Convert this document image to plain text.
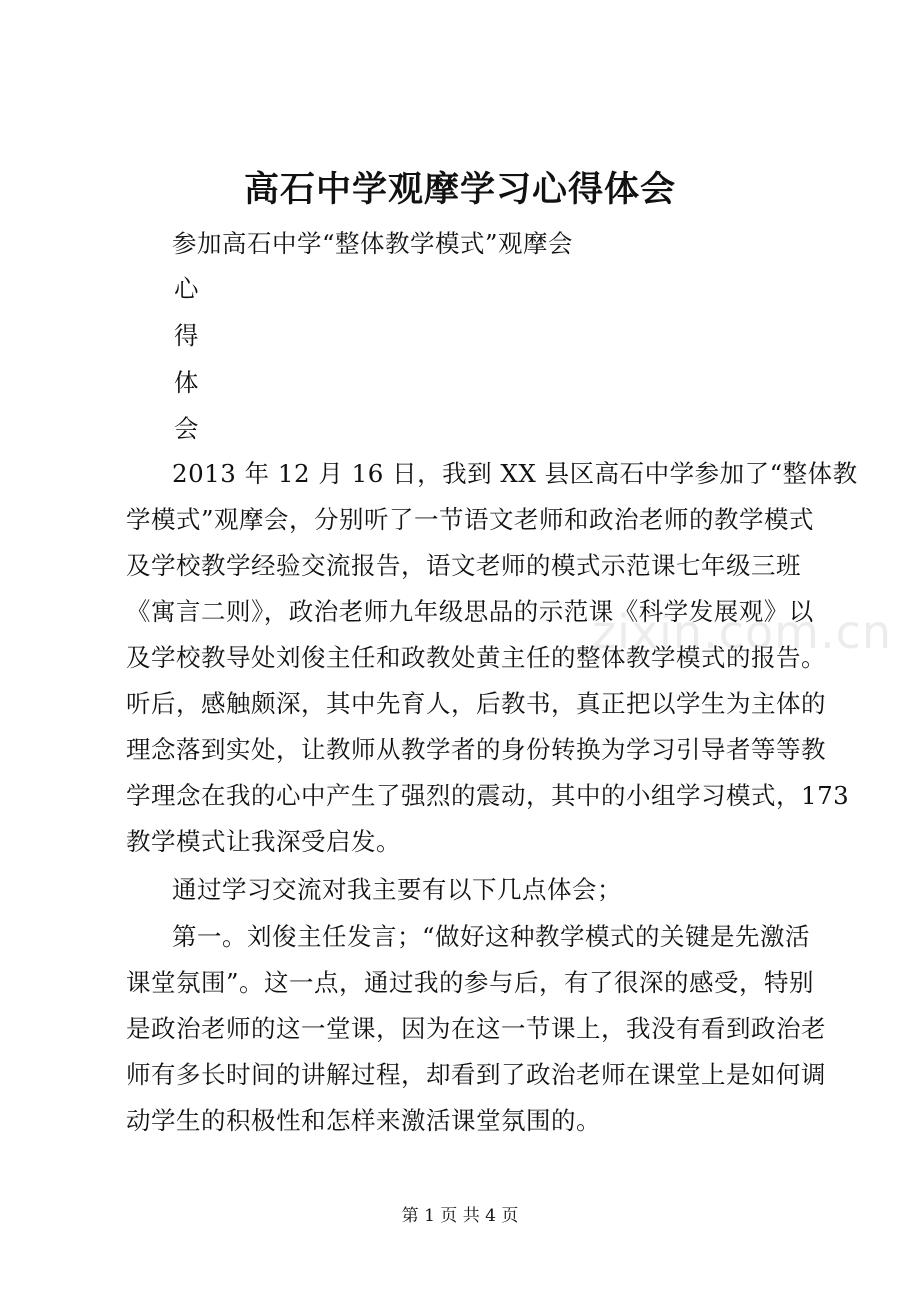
高石中学观摩学习心得体会
参加高石中学“整体教学模式”观摩会
心
得
体
会
2013 年 12 月 16 日，我到 XX 县区高石中学参加了“整体教
学模式”观摩会，分别听了一节语文老师和政治老师的教学模式
及学校教学经验交流报告，语文老师的模式示范课七年级三班
《寓言二则》，政治老师九年级思品的示范课《科学发展观》以
及学校教导处刘俊主任和政教处黄主任的整体教学模式的报告。
听后，感触颇深，其中先育人，后教书，真正把以学生为主体的
理念落到实处，让教师从教学者的身份转换为学习引导者等等教
学理念在我的心中产生了强烈的震动，其中的小组学习模式，173
教学模式让我深受启发。
通过学习交流对我主要有以下几点体会；
第一。刘俊主任发言；“做好这种教学模式的关键是先激活
课堂氛围”。这一点，通过我的参与后，有了很深的感受，特别
是政治老师的这一堂课，因为在这一节课上，我没有看到政治老
师有多长时间的讲解过程，却看到了政治老师在课堂上是如何调
动学生的积极性和怎样来激活课堂氛围的。
zixin.com.cn
第 1 页 共 4 页
